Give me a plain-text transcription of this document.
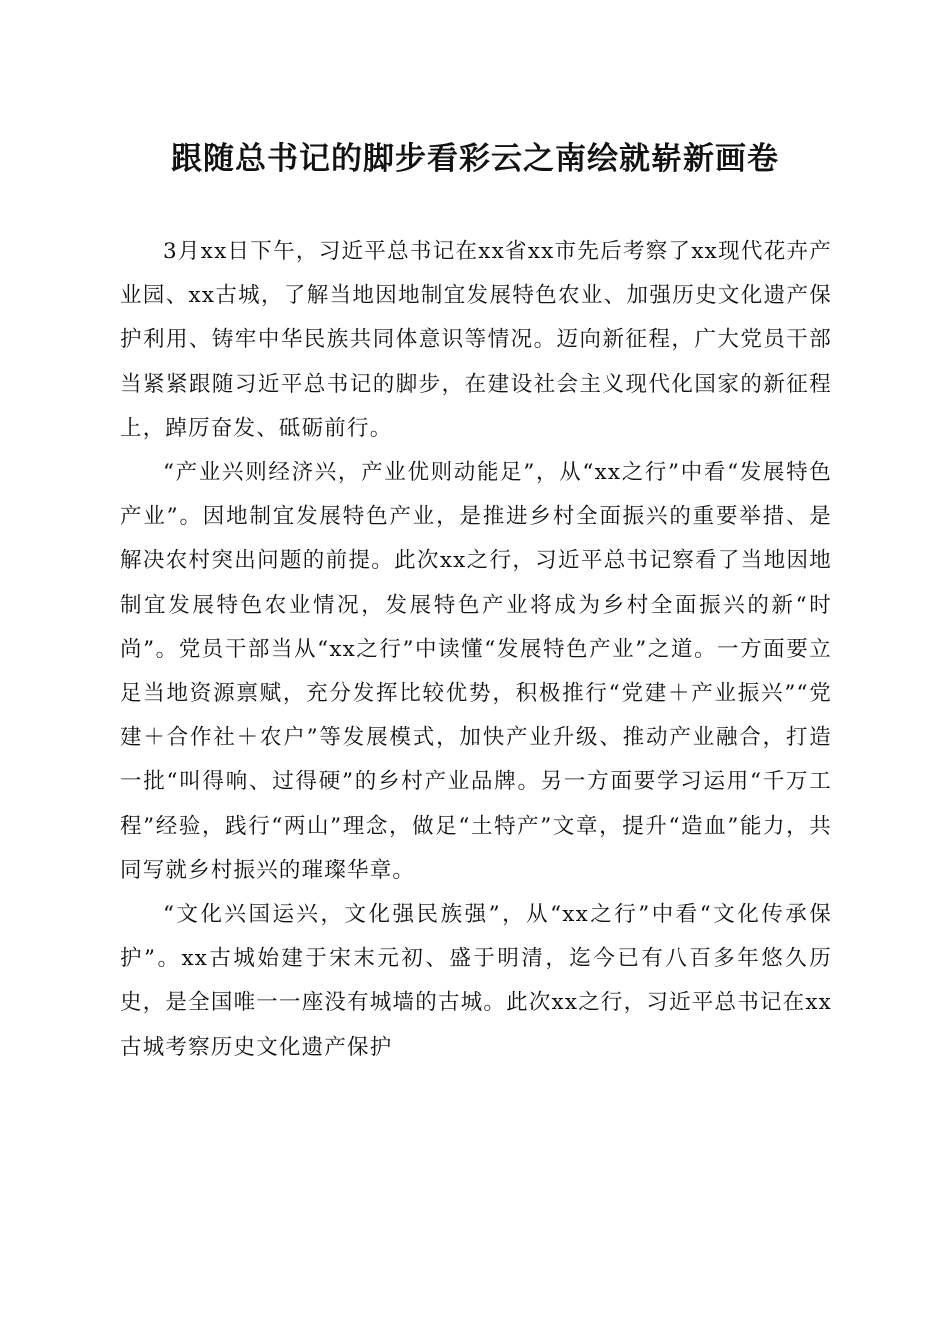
跟随总书记的脚步看彩云之南绘就崭新画卷

3月xx日下午，习近平总书记在xx省xx市先后考察了xx现代花卉产业园、xx古城，了解当地因地制宜发展特色农业、加强历史文化遗产保护利用、铸牢中华民族共同体意识等情况。迈向新征程，广大党员干部当紧紧跟随习近平总书记的脚步，在建设社会主义现代化国家的新征程上，踔厉奋发、砥砺前行。

“产业兴则经济兴，产业优则动能足”，从“xx之行”中看“发展特色产业”。因地制宜发展特色产业，是推进乡村全面振兴的重要举措、是解决农村突出问题的前提。此次xx之行，习近平总书记察看了当地因地制宜发展特色农业情况，发展特色产业将成为乡村全面振兴的新“时尚”。党员干部当从“xx之行”中读懂“发展特色产业”之道。一方面要立足当地资源禀赋，充分发挥比较优势，积极推行“党建＋产业振兴”“党建＋合作社＋农户”等发展模式，加快产业升级、推动产业融合，打造一批“叫得响、过得硬”的乡村产业品牌。另一方面要学习运用“千万工程”经验，践行“两山”理念，做足“土特产”文章，提升“造血”能力，共同写就乡村振兴的璀璨华章。

“文化兴国运兴，文化强民族强”，从“xx之行”中看“文化传承保护”。xx古城始建于宋末元初、盛于明清，迄今已有八百多年悠久历史，是全国唯一一座没有城墙的古城。此次xx之行，习近平总书记在xx古城考察历史文化遗产保护
